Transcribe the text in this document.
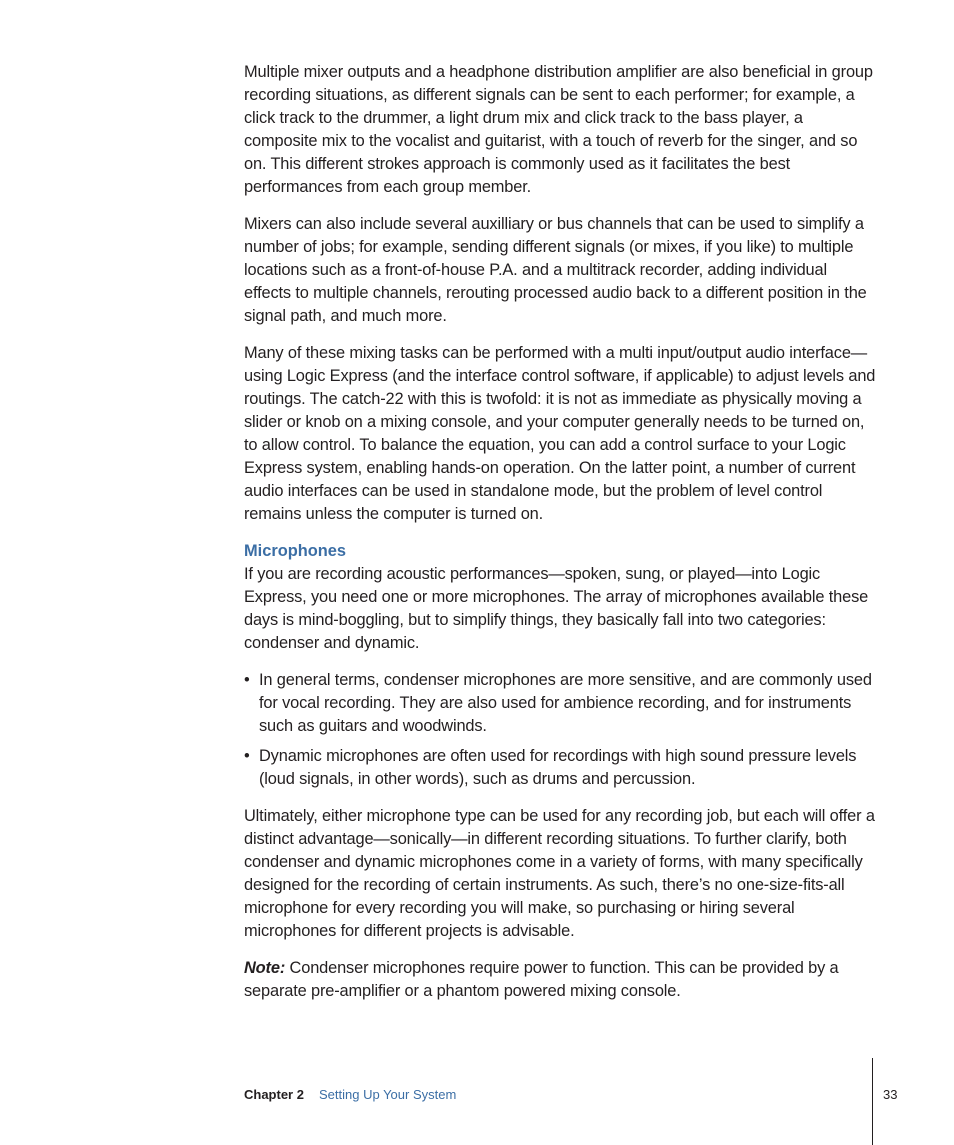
Multiple mixer outputs and a headphone distribution amplifier are also beneficial in group recording situations, as different signals can be sent to each performer; for example, a click track to the drummer, a light drum mix and click track to the bass player, a composite mix to the vocalist and guitarist, with a touch of reverb for the singer, and so on. This different strokes approach is commonly used as it facilitates the best performances from each group member.

Mixers can also include several auxilliary or bus channels that can be used to simplify a number of jobs; for example, sending different signals (or mixes, if you like) to multiple locations such as a front-of-house P.A. and a multitrack recorder, adding individual effects to multiple channels, rerouting processed audio back to a different position in the signal path, and much more.

Many of these mixing tasks can be performed with a multi input/output audio interface—using Logic Express (and the interface control software, if applicable) to adjust levels and routings. The catch-22 with this is twofold: it is not as immediate as physically moving a slider or knob on a mixing console, and your computer generally needs to be turned on, to allow control. To balance the equation, you can add a control surface to your Logic Express system, enabling hands-on operation. On the latter point, a number of current audio interfaces can be used in standalone mode, but the problem of level control remains unless the computer is turned on.

Microphones

If you are recording acoustic performances—spoken, sung, or played—into Logic Express, you need one or more microphones. The array of microphones available these days is mind-boggling, but to simplify things, they basically fall into two categories: condenser and dynamic.

• In general terms, condenser microphones are more sensitive, and are commonly used for vocal recording. They are also used for ambience recording, and for instruments such as guitars and woodwinds.
• Dynamic microphones are often used for recordings with high sound pressure levels (loud signals, in other words), such as drums and percussion.

Ultimately, either microphone type can be used for any recording job, but each will offer a distinct advantage—sonically—in different recording situations. To further clarify, both condenser and dynamic microphones come in a variety of forms, with many specifically designed for the recording of certain instruments. As such, there’s no one-size-fits-all microphone for every recording you will make, so purchasing or hiring several microphones for different projects is advisable.

Note: Condenser microphones require power to function. This can be provided by a separate pre-amplifier or a phantom powered mixing console.

Chapter 2 Setting Up Your System	33
